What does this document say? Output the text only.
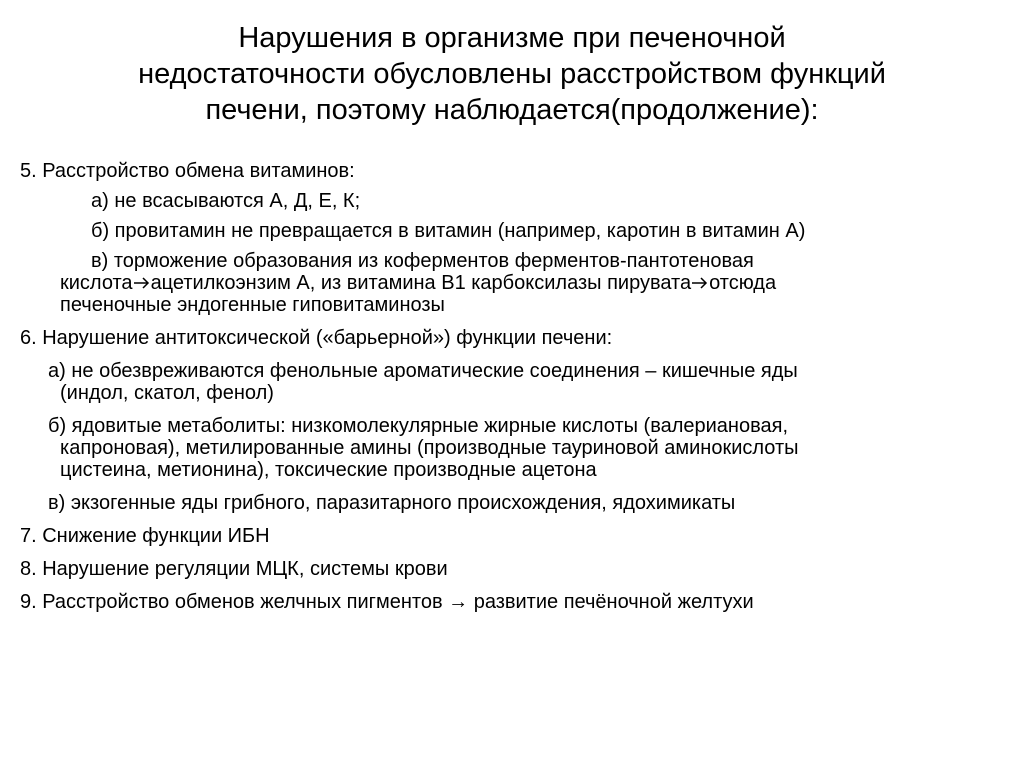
Нарушения в организме при печеночной
недостаточности обусловлены расстройством функций
печени, поэтому наблюдается(продолжение):
5. Расстройство обмена витаминов:
а) не всасываются А, Д, Е, К;
б) провитамин не превращается в витамин (например, каротин в витамин А)
в) торможение образования из коферментов ферментов-пантотеновая
кислота ацетилкоэнзим А, из витамина В1 карбоксилазы пирувата отсюда
печеночные эндогенные гиповитаминозы
6. Нарушение антитоксической («барьерной») функции печени:
а) не обезвреживаются фенольные ароматические соединения – кишечные яды
(индол, скатол, фенол)
б) ядовитые метаболиты: низкомолекулярные жирные кислоты (валериановая,
капроновая), метилированные амины (производные тауриновой аминокислоты
цистеина, метионина), токсические производные ацетона
в) экзогенные яды грибного, паразитарного происхождения, ядохимикаты
7. Снижение функции ИБН
8. Нарушение регуляции МЦК, системы крови
9. Расстройство обменов желчных пигментов → развитие печёночной желтухи
